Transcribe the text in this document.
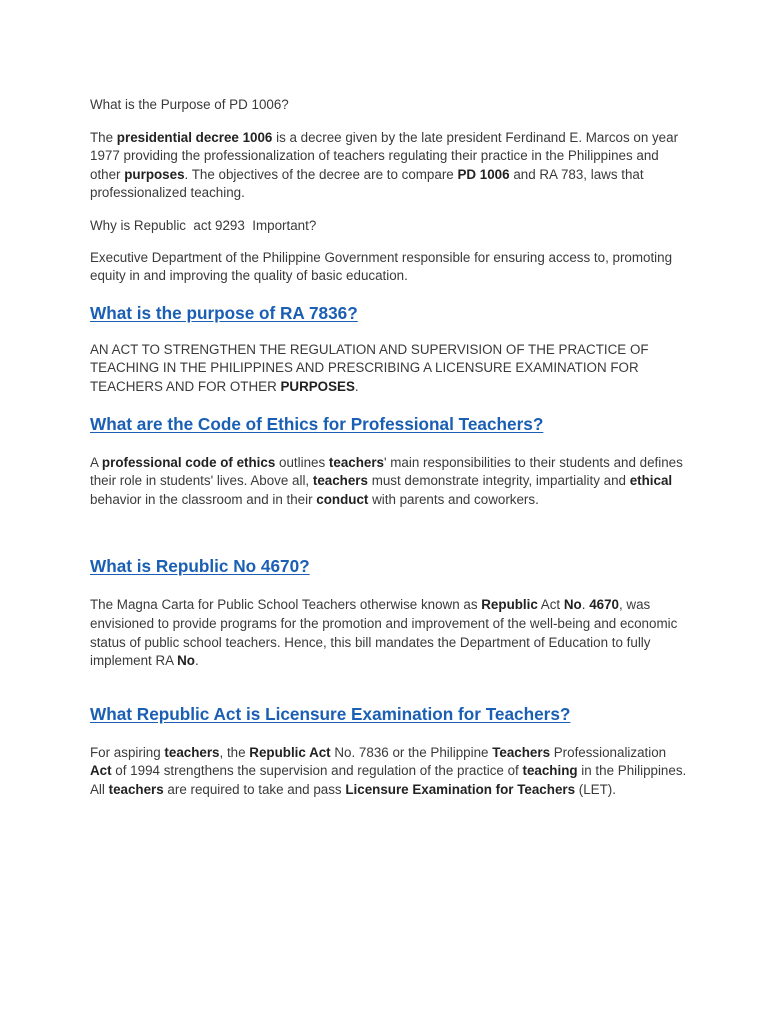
What is the Purpose of PD 1006?

The presidential decree 1006 is a decree given by the late president Ferdinand E. Marcos on year 1977 providing the professionalization of teachers regulating their practice in the Philippines and other purposes. The objectives of the decree are to compare PD 1006 and RA 783, laws that professionalized teaching.

Why is Republic  act 9293  Important?

Executive Department of the Philippine Government responsible for ensuring access to, promoting equity in and improving the quality of basic education.

What is the purpose of RA 7836?

AN ACT TO STRENGTHEN THE REGULATION AND SUPERVISION OF THE PRACTICE OF TEACHING IN THE PHILIPPINES AND PRESCRIBING A LICENSURE EXAMINATION FOR TEACHERS AND FOR OTHER PURPOSES.

What are the Code of Ethics for Professional Teachers?

A professional code of ethics outlines teachers' main responsibilities to their students and defines their role in students' lives. Above all, teachers must demonstrate integrity, impartiality and ethical behavior in the classroom and in their conduct with parents and coworkers.

What is Republic No 4670?

The Magna Carta for Public School Teachers otherwise known as Republic Act No. 4670, was envisioned to provide programs for the promotion and improvement of the well-being and economic status of public school teachers. Hence, this bill mandates the Department of Education to fully implement RA No.

What Republic Act is Licensure Examination for Teachers?

For aspiring teachers, the Republic Act No. 7836 or the Philippine Teachers Professionalization Act of 1994 strengthens the supervision and regulation of the practice of teaching in the Philippines. All teachers are required to take and pass Licensure Examination for Teachers (LET).
